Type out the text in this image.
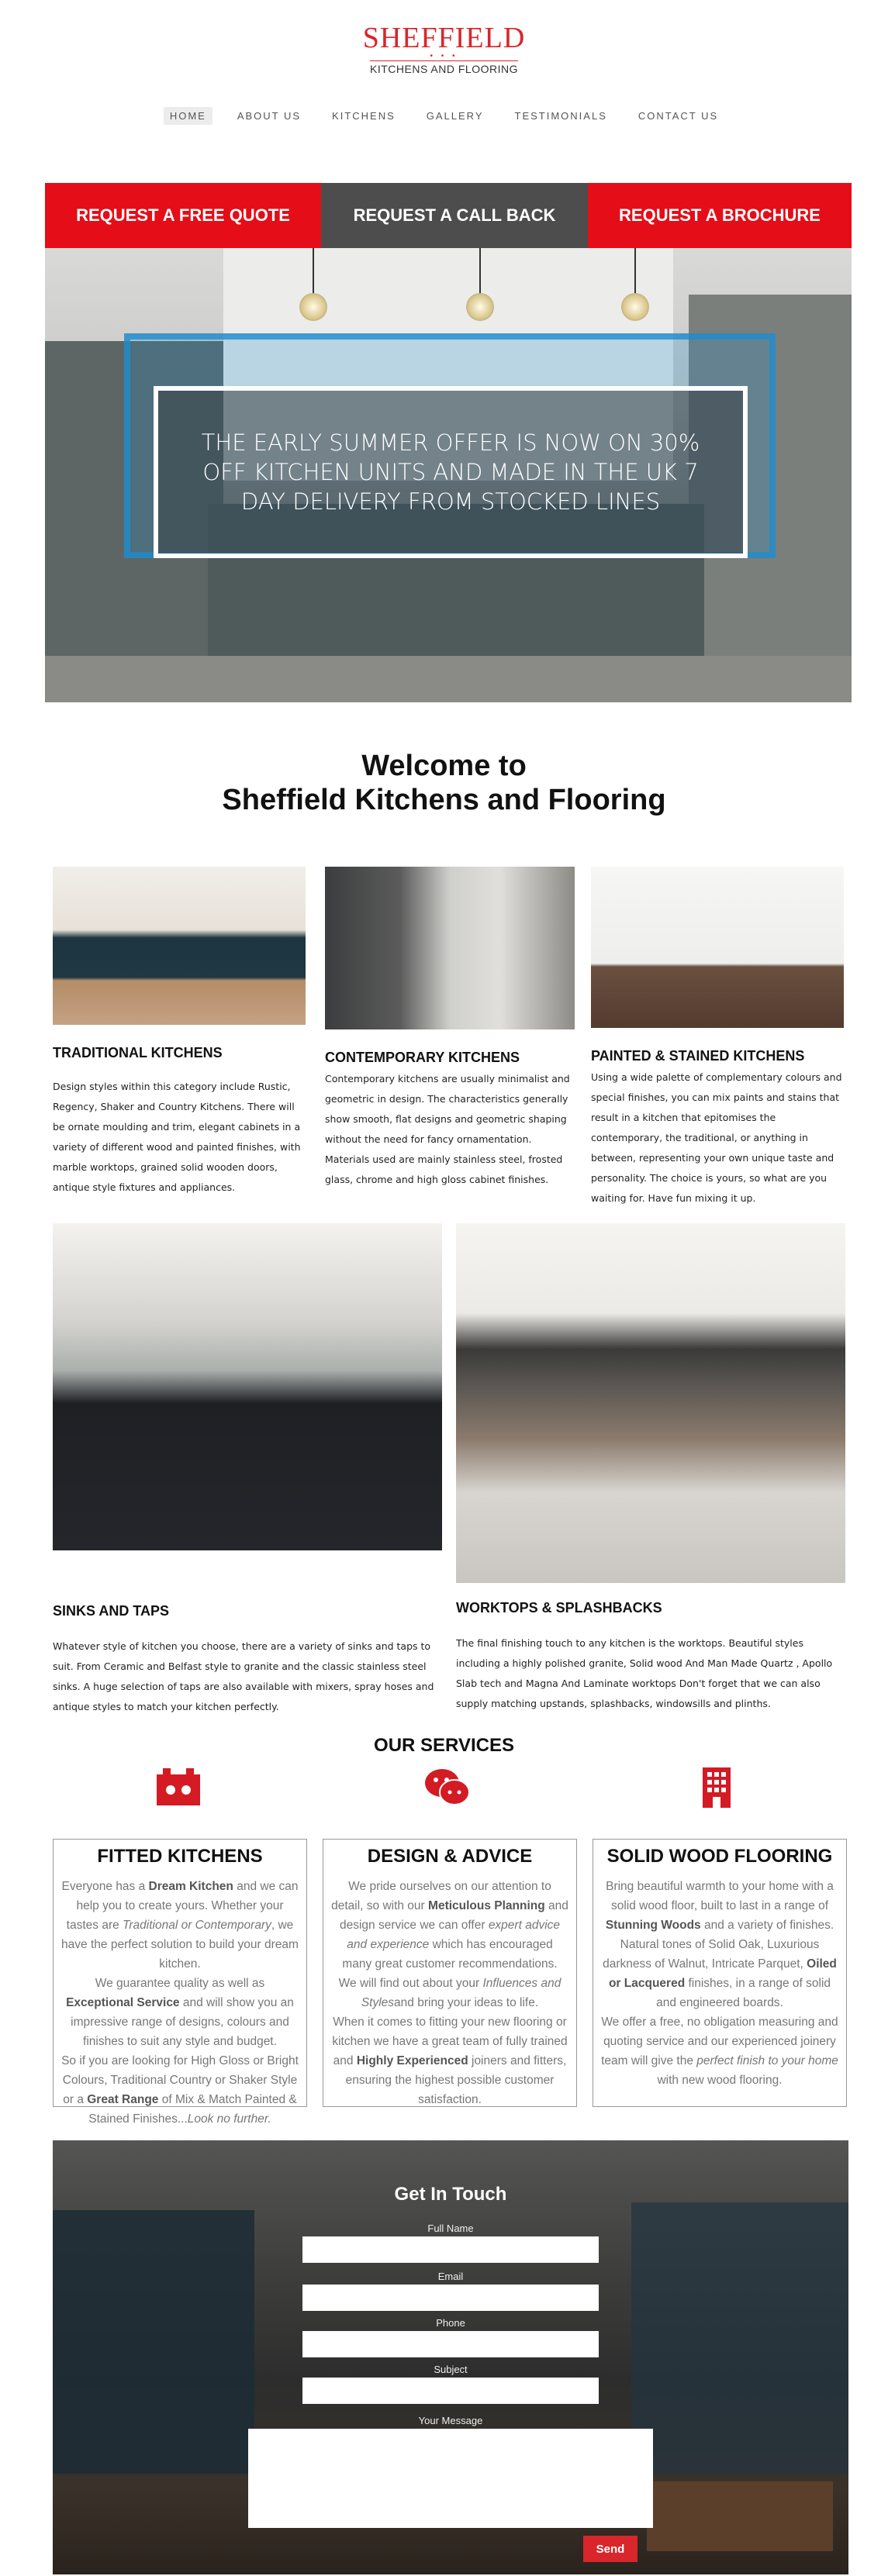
SHEFFIELD
• • •
KITCHENS AND FLOORING
HOME	ABOUT US	KITCHENS	GALLERY	TESTIMONIALS	CONTACT US
REQUEST A FREE QUOTE	REQUEST A CALL BACK	REQUEST A BROCHURE
THE EARLY SUMMER OFFER IS NOW ON 30% OFF KITCHEN UNITS AND MADE IN THE UK 7 DAY DELIVERY FROM STOCKED LINES
Welcome to
Sheffield Kitchens and Flooring
TRADITIONAL KITCHENS
Design styles within this category include Rustic, Regency, Shaker and Country Kitchens. There will be ornate moulding and trim, elegant cabinets in a variety of different wood and painted finishes, with marble worktops, grained solid wooden doors, antique style fixtures and appliances.
CONTEMPORARY KITCHENS
Contemporary kitchens are usually minimalist and geometric in design. The characteristics generally show smooth, flat designs and geometric shaping without the need for fancy ornamentation. Materials used are mainly stainless steel, frosted glass, chrome and high gloss cabinet finishes.
PAINTED & STAINED KITCHENS
Using a wide palette of complementary colours and special finishes, you can mix paints and stains that result in a kitchen that epitomises the contemporary, the traditional, or anything in between, representing your own unique taste and personality. The choice is yours, so what are you waiting for. Have fun mixing it up.
SINKS AND TAPS
Whatever style of kitchen you choose, there are a variety of sinks and taps to suit. From Ceramic and Belfast style to granite and the classic stainless steel sinks. A huge selection of taps are also available with mixers, spray hoses and antique styles to match your kitchen perfectly.
WORKTOPS & SPLASHBACKS
The final finishing touch to any kitchen is the worktops. Beautiful styles including a highly polished granite, Solid wood And Man Made Quartz , Apollo Slab tech and Magna And Laminate worktops Don't forget that we can also supply matching upstands, splashbacks, windowsills and plinths.
OUR SERVICES
FITTED KITCHENS
Everyone has a Dream Kitchen and we can help you to create yours. Whether your tastes are Traditional or Contemporary, we have the perfect solution to build your dream kitchen.
We guarantee quality as well as Exceptional Service and will show you an impressive range of designs, colours and finishes to suit any style and budget.
So if you are looking for High Gloss or Bright Colours, Traditional Country or Shaker Style or a Great Range of Mix & Match Painted & Stained Finishes...Look no further.
DESIGN & ADVICE
We pride ourselves on our attention to detail, so with our Meticulous Planning and design service we can offer expert advice and experience which has encouraged many great customer recommendations.
We will find out about your Influences and Stylesand bring your ideas to life.
When it comes to fitting your new flooring or kitchen we have a great team of fully trained and Highly Experienced joiners and fitters, ensuring the highest possible customer satisfaction.
SOLID WOOD FLOORING
Bring beautiful warmth to your home with a solid wood floor, built to last in a range of Stunning Woods and a variety of finishes.
Natural tones of Solid Oak, Luxurious darkness of Walnut, Intricate Parquet, Oiled or Lacquered finishes, in a range of solid and engineered boards.
We offer a free, no obligation measuring and quoting service and our experienced joinery team will give the perfect finish to your home with new wood flooring.
Get In Touch
Full Name
Email
Phone
Subject
Your Message
Send
